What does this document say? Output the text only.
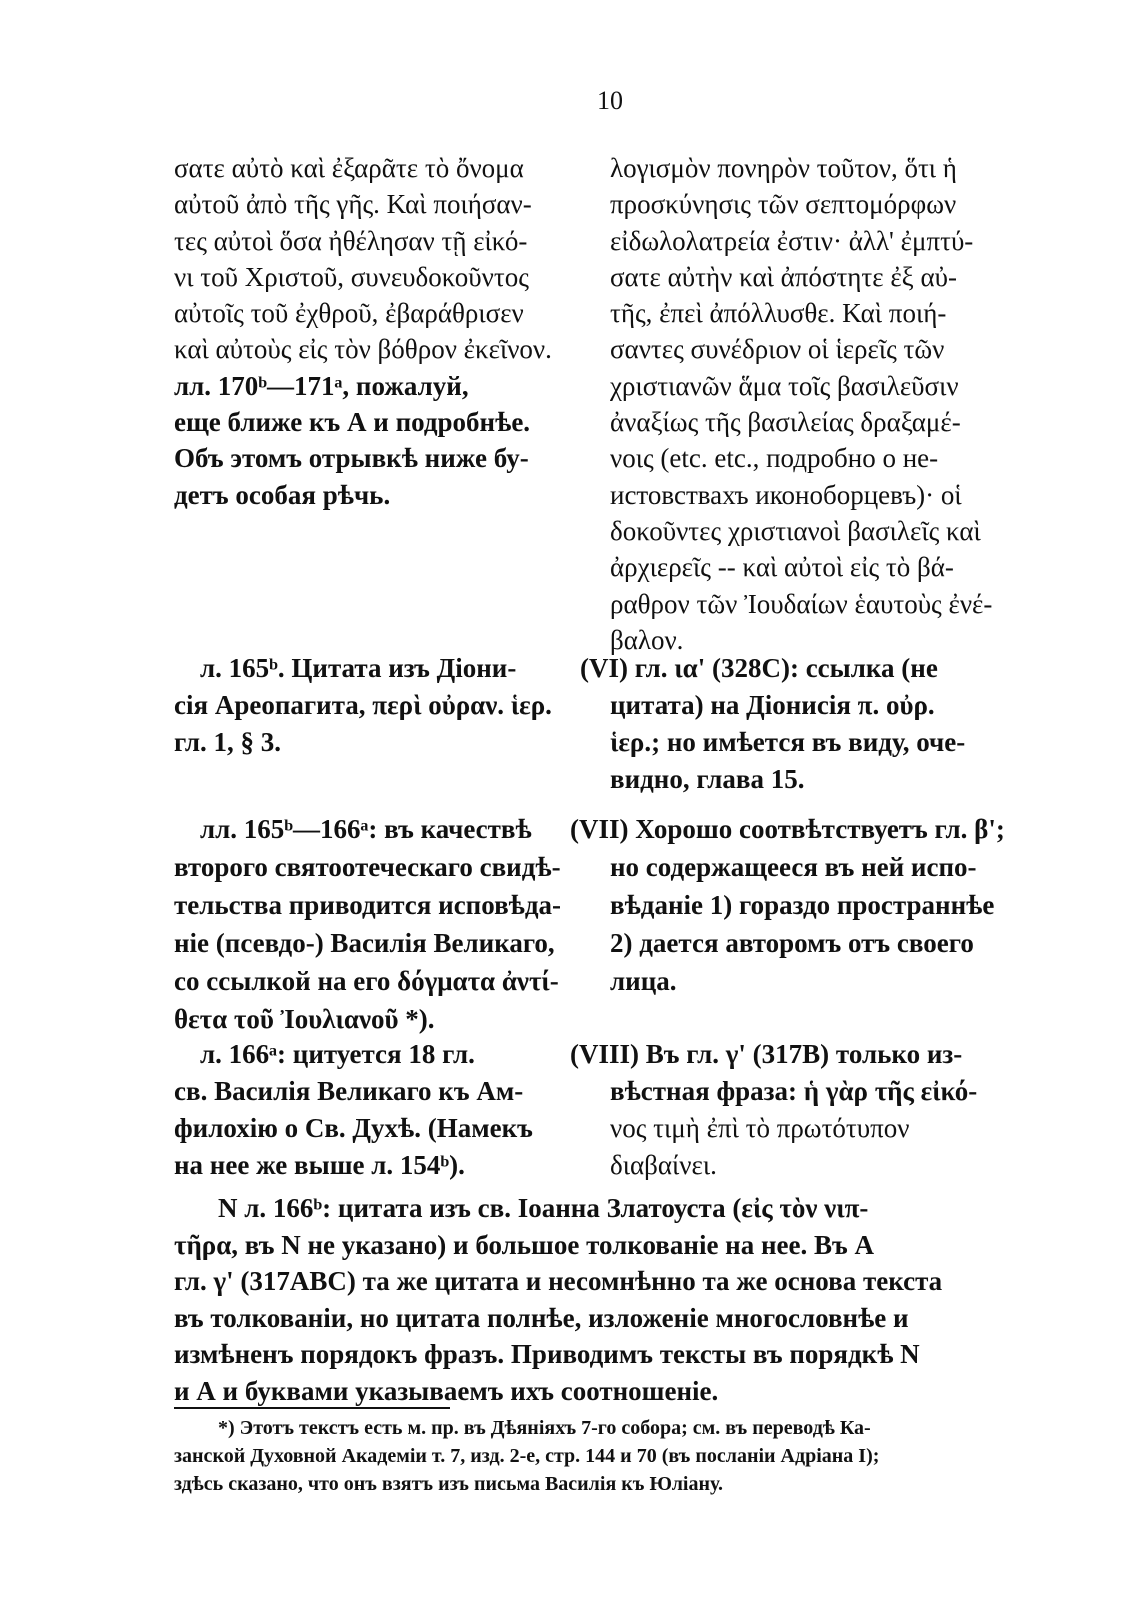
10
σατε αὐτὸ καὶ ἐξαρᾶτε τὸ ὄνομα
αὐτοῦ ἀπὸ τῆς γῆς. Καὶ ποιήσαν-
τες αὐτοὶ ὅσα ἠθέλησαν τῇ εἰκό-
νι τοῦ Χριστοῦ, συνευδοκοῦντος
αὐτοῖς τοῦ ἐχθροῦ, ἐβαράθρισεν
καὶ αὐτοὺς εἰς τὸν βόθρον ἐκεῖνον.
лл. 170ᵇ—171ᵃ, пожалуй,
еще ближе къ А и подробнѣе.
Объ этомъ отрывкѣ ниже бу-
детъ особая рѣчь.
λογισμὸν πονηρὸν τοῦτον, ὅτι ἡ
προσκύνησις τῶν σεπτομόρφων
εἰδωλολατρεία ἐστιν· ἀλλ' ἐμπτύ-
σατε αὐτὴν καὶ ἀπόστητε ἐξ αὐ-
τῆς, ἐπεὶ ἀπόλλυσθε. Καὶ ποιή-
σαντες συνέδριον οἱ ἱερεῖς τῶν
χριστιανῶν ἅμα τοῖς βασιλεῦσιν
ἀναξίως τῆς βασιλείας δραξαμέ-
νοις (etc. etc., подробно о не-
истовствахъ иконоборцевъ)· οἱ
δοκοῦντες χριστιανοὶ βασιλεῖς καὶ
ἀρχιερεῖς -- καὶ αὐτοὶ εἰς τὸ βά-
ραθρον τῶν Ἰουδαίων ἑαυτοὺς ἐνέ-
βαλον.
л. 165ᵇ. Цитата изъ Діони-
сія Ареопагита, περὶ οὐραν. ἱερ.
гл. 1, § 3.
(VI) гл. ια' (328C): ссылка (не
цитата) на Діонисія π. οὐρ.
ἱερ.; но имѣется въ виду, оче-
видно, глава 15.
лл. 165ᵇ—166ᵃ: въ качествѣ
второго святоотеческаго свидѣ-
тельства приводится исповѣда-
ніе (псевдо-) Василія Великаго,
со ссылкой на его δόγματα ἀντί-
θετα τοῦ Ἰουλιανοῦ *).
(VII) Хорошо соотвѣтствуетъ гл. β';
но содержащееся въ ней испо-
вѣданіе 1) гораздо пространнѣе
2) дается авторомъ отъ своего
лица.
л. 166ᵃ: цитуется 18 гл.
св. Василія Великаго къ Ам-
филохію о Св. Духѣ. (Намекъ
на нее же выше л. 154ᵇ).
(VIII) Въ гл. γ' (317B) только из-
вѣстная фраза: ἡ γὰρ τῆς εἰκό-
νος τιμὴ ἐπὶ τὸ πρωτότυπον
διαβαίνει.
N л. 166ᵇ: цитата изъ св. Іоанна Златоуста (εἰς τὸν νιπ-
τῆρα, въ N не указано) и большое толкованіе на нее. Въ А
гл. γ' (317ABC) та же цитата и несомнѣнно та же основа текста
въ толкованіи, но цитата полнѣе, изложеніе многословнѣе и
измѣненъ порядокъ фразъ. Приводимъ тексты въ порядкѣ N
и А и буквами указываемъ ихъ соотношеніе.
*) Этотъ текстъ есть м. пр. въ Дѣяніяхъ 7-го собора; см. въ переводѣ Ка-
занской Духовной Академіи т. 7, изд. 2-е, стр. 144 и 70 (въ посланіи Адріана I);
здѣсь сказано, что онъ взятъ изъ письма Василія къ Юліану.
